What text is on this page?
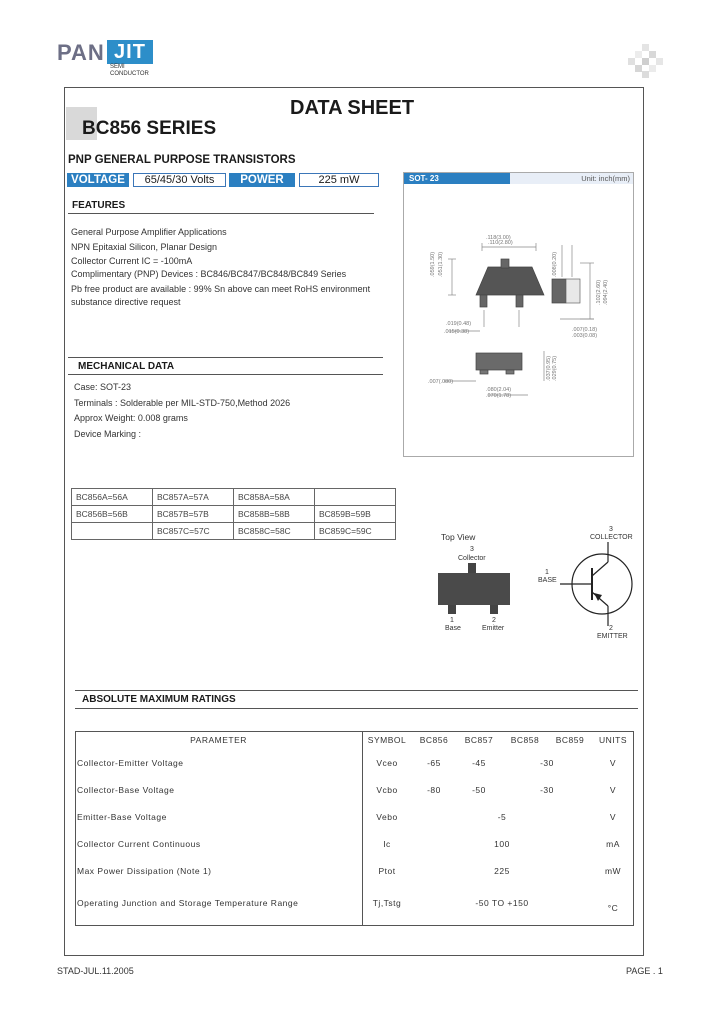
PAN JIT
SEMI
CONDUCTOR
DATA SHEET
BC856 SERIES
PNP GENERAL PURPOSE TRANSISTORS
VOLTAGE	65/45/30 Volts	POWER	225 mW
FEATURES
General Purpose Amplifier Applications
NPN Epitaxial Silicon, Planar Design
Collector Current IC = -100mA
Complimentary (PNP) Devices : BC846/BC847/BC848/BC849 Series
Pb free product are available : 99% Sn above can meet RoHS environment
substance directive request
MECHANICAL DATA
Case: SOT-23
Terminals : Solderable per MIL-STD-750,Method 2026
Approx Weight: 0.008 grams
Device Marking :
SOT- 23	Unit: inch(mm)
.118(3.00)
.110(2.80)
.059(1.50) .051(1.30)	.008(0.20)
.102(2.60) .094(2.40)
.019(0.48)
.015(0.38)	.007(0.18)
.003(0.08)
.007(.080)
.080(2.04)
.070(1.78)
.037(0.95) .029(0.75)
BC856A=56A	BC857A=57A	BC858A=58A	
BC856B=56B	BC857B=57B	BC858B=58B	BC859B=59B
	BC857C=57C	BC858C=58C	BC859C=59C
Top View
3
Collector
1
Base
2
Emitter
3
COLLECTOR
1
BASE
2
EMITTER
ABSOLUTE MAXIMUM RATINGS
PARAMETER	SYMBOL	BC856	BC857	BC858	BC859	UNITS
Collector-Emitter Voltage	Vceo	-65	-45	-30		V
Collector-Base Voltage	Vcbo	-80	-50	-30		V
Emitter-Base Voltage	Vebo	-5				V
Collector Current Continuous	Ic	100				mA
Max Power Dissipation (Note 1)	Ptot	225				mW
Operating Junction and Storage Temperature Range	Tj,Tstg	-50 TO +150				°C
STAD-JUL.11.2005	PAGE . 1
